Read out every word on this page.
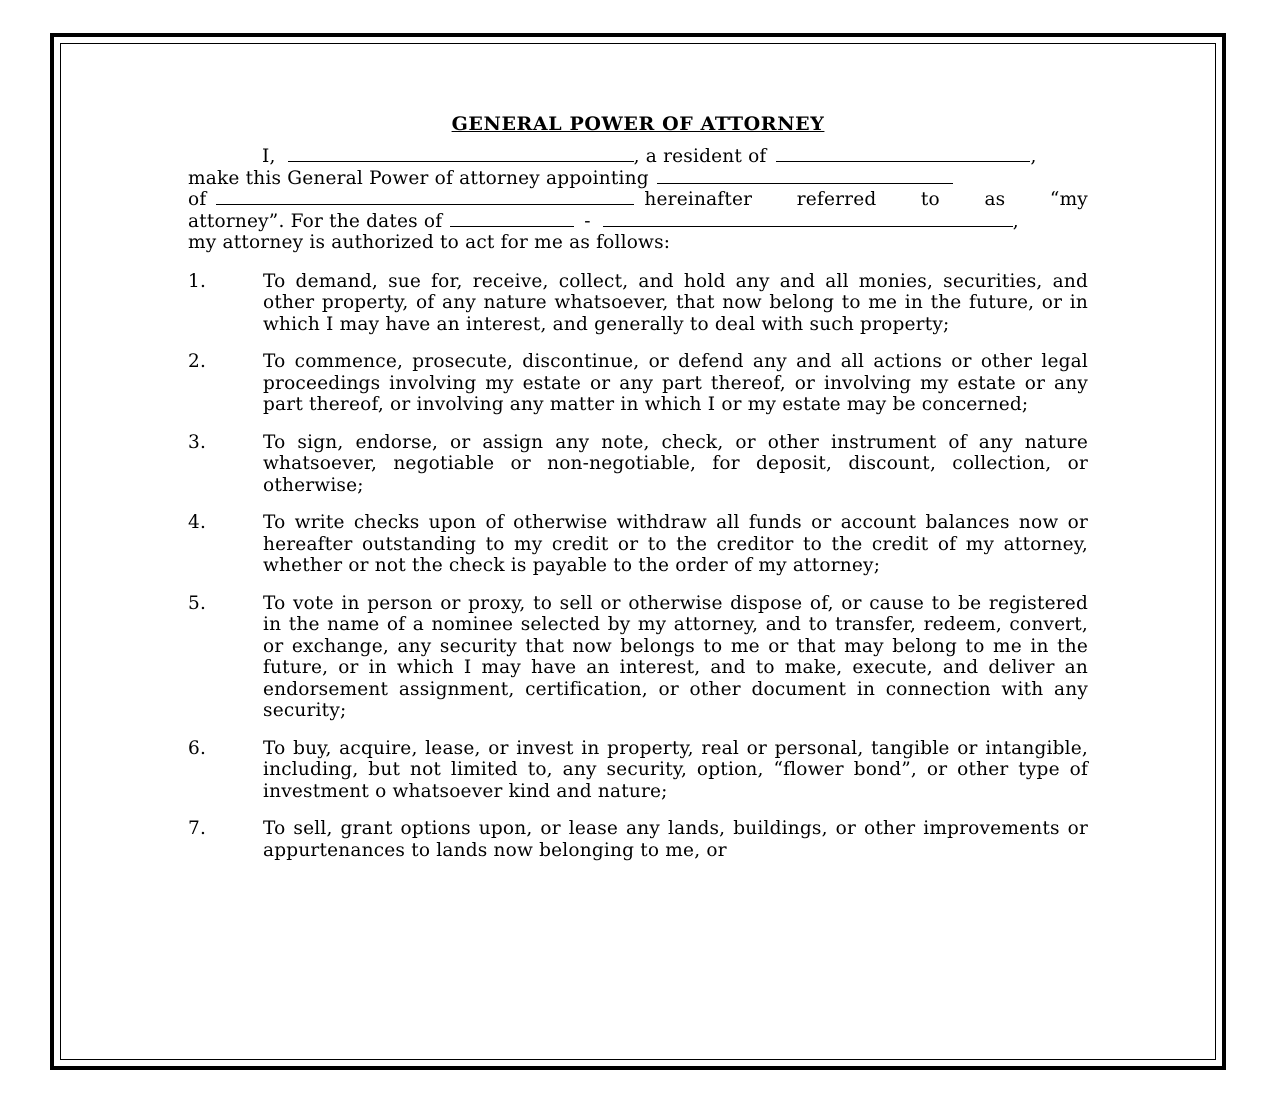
GENERAL POWER OF ATTORNEY
I,	, a resident of	,
make this General Power of attorney appointing
of	hereinafter referred to as “my
attorney”. For the dates of	-	,
my attorney is authorized to act for me as follows:
1.	To demand, sue for, receive, collect, and hold any and all monies, securities, and other property, of any nature whatsoever, that now belong to me in the future, or in which I may have an interest, and generally to deal with such property;
2.	To commence, prosecute, discontinue, or defend any and all actions or other legal proceedings involving my estate or any part thereof, or involving my estate or any part thereof, or involving any matter in which I or my estate may be concerned;
3.	To sign, endorse, or assign any note, check, or other instrument of any nature whatsoever, negotiable or non-negotiable, for deposit, discount, collection, or otherwise;
4.	To write checks upon of otherwise withdraw all funds or account balances now or hereafter outstanding to my credit or to the creditor to the credit of my attorney, whether or not the check is payable to the order of my attorney;
5.	To vote in person or proxy, to sell or otherwise dispose of, or cause to be registered in the name of a nominee selected by my attorney, and to transfer, redeem, convert, or exchange, any security that now belongs to me or that may belong to me in the future, or in which I may have an interest, and to make, execute, and deliver an endorsement assignment, certification, or other document in connection with any security;
6.	To buy, acquire, lease, or invest in property, real or personal, tangible or intangible, including, but not limited to, any security, option, “flower bond”, or other type of investment o whatsoever kind and nature;
7.	To sell, grant options upon, or lease any lands, buildings, or other improvements or appurtenances to lands now belonging to me, or
